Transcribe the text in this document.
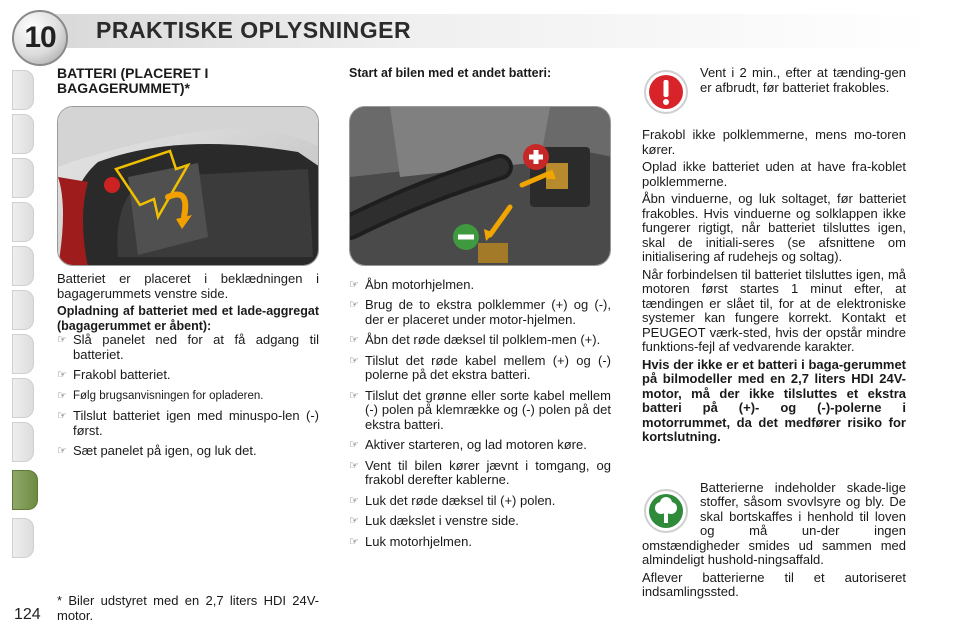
10	PRAKTISKE OPLYSNINGER
124
BATTERI (PLACERET I BAGAGERUMMET)*

Batteriet er placeret i beklædningen i bagagerummets venstre side.

Opladning af batteriet med et lade-aggregat (bagagerummet er åbent):

☞ Slå panelet ned for at få adgang til batteriet.
☞ Frakobl batteriet.
☞ Følg brugsanvisningen for opladeren.
☞ Tilslut batteriet igen med minuspo-len (-) først.
☞ Sæt panelet på igen, og luk det.
* Biler udstyret med en 2,7 liters HDI 24V-motor.

Start af bilen med et andet batteri:

☞ Åbn motorhjelmen.
☞ Brug de to ekstra polklemmer (+) og (-), der er placeret under motor-hjelmen.
☞ Åbn det røde dæksel til polklem-men (+).
☞ Tilslut det røde kabel mellem (+) og (-) polerne på det ekstra batteri.
☞ Tilslut det grønne eller sorte kabel mellem (-) polen på klemrække og (-) polen på det ekstra batteri.
☞ Aktiver starteren, og lad motoren køre.
☞ Vent til bilen kører jævnt i tomgang, og frakobl derefter kablerne.
☞ Luk det røde dæksel til (+) polen.
☞ Luk dækslet i venstre side.
☞ Luk motorhjelmen.

Vent i 2 min., efter at tænding-gen er afbrudt, før batteriet frakobles.

Frakobl ikke polklemmerne, mens mo-toren kører.

Oplad ikke batteriet uden at have fra-koblet polklemmerne.

Åbn vinduerne, og luk soltaget, før batteriet frakobles. Hvis vinduerne og solklappen ikke fungerer rigtigt, når batteriet tilsluttes igen, skal de initiali-seres (se afsnittene om initialisering af rudehejs og soltag).

Når forbindelsen til batteriet tilsluttes igen, må motoren først startes 1 minut efter, at tændingen er slået til, for at de elektroniske systemer kan fungere korrekt. Kontakt et PEUGEOT værk-sted, hvis der opstår mindre funktions-fejl af vedvarende karakter.

Hvis der ikke er et batteri i baga-gerummet på bilmodeller med en 2,7 liters HDI 24V-motor, må der ikke tilsluttes et ekstra batteri på (+)- og (-)-polerne i motorrummet, da det medfører risiko for kortslutning.

Batterierne indeholder skade-lige stoffer, såsom svovlsyre og bly. De skal bortskaffes i henhold til loven og må un-der ingen omstændigheder smides ud sammen med almindeligt hushold-ningsaffald.

Aflever batterierne til et autoriseret indsamlingssted.
